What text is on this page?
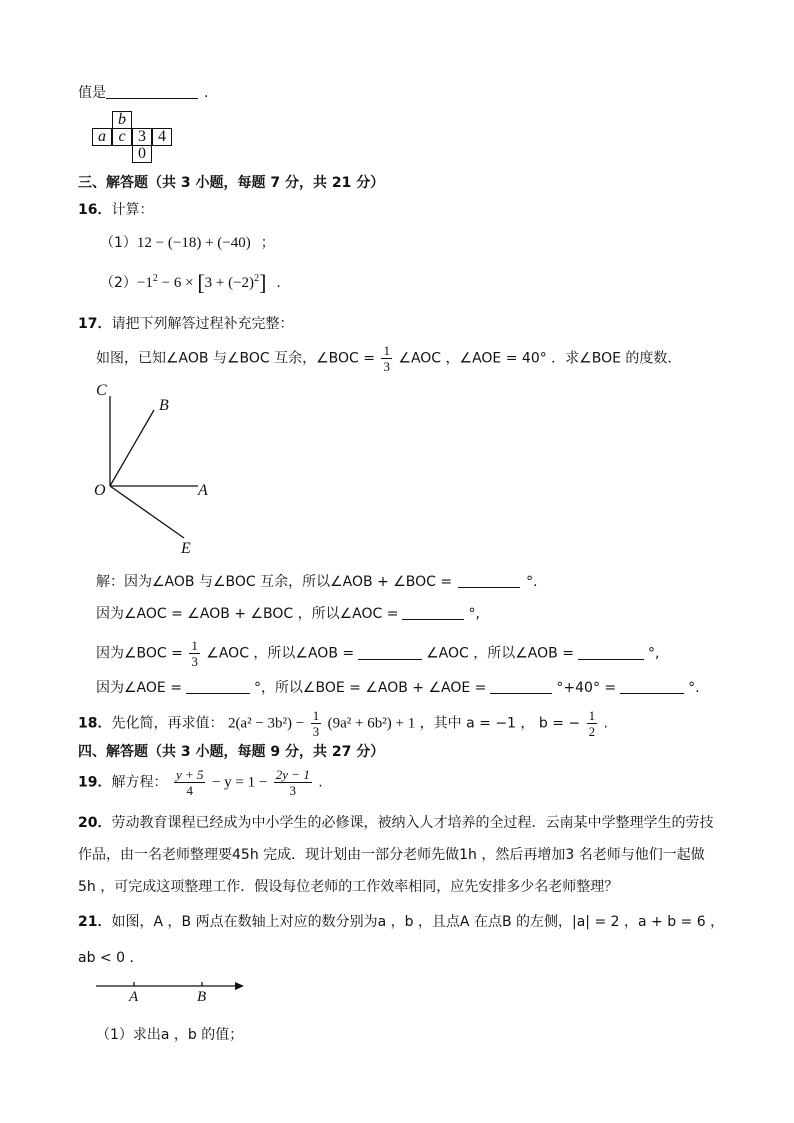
值是	.
b
a c 3 4
0
三、解答题（共 3 小题，每题 7 分，共 21 分）
16．计算：
（1）12 − (−18) + (−40) ；
$(2)-1^2 - 6 \times [3 + (-2)^2]$ .
17．请把下列解答过程补充完整：
如图，已知∠AOB 与∠BOC 互余，∠BOC = $\frac{1}{3}$ ∠AOC ，∠AOE = 40° ．求∠BOE 的度数．
C
B
O	A
E
解：因为∠AOB 与∠BOC 互余，所以∠AOB + ∠BOC =	°.
因为∠AOC = ∠AOB + ∠BOC ，所以∠AOC =	°,
因为∠BOC = $\frac{1}{3}$ ∠AOC ，所以∠AOB =	∠AOC ，所以∠AOB =	°,
因为∠AOE =	°，所以∠BOE = ∠AOB + ∠AOE =	°+40° =	°.
18．先化简，再求值： $2(a^2 - 3b^2) - \frac{1}{3} (9a^2 + 6b^2) + 1$ ，其中 a = −1 ， b = − $\frac{1}{2}$ .
四、解答题（共 3 小题，每题 9 分，共 27 分）
19．解方程： $\frac{y + 5}{4} - y = 1 - \frac{2y - 1}{3}$ .
20．劳动教育课程已经成为中小学生的必修课，被纳入人才培养的全过程．云南某中学整理学生的劳技
作品，由一名老师整理要45h 完成．现计划由一部分老师先做1h ，然后再增加3 名老师与他们一起做
5h ，可完成这项整理工作．假设每位老师的工作效率相同，应先安排多少名老师整理？
21．如图，A ，B 两点在数轴上对应的数分别为a ，b ，且点A 在点B 的左侧，|a| = 2 ，a + b = 6 ，
ab < 0 ．
A	B
（1）求出a ，b 的值；
